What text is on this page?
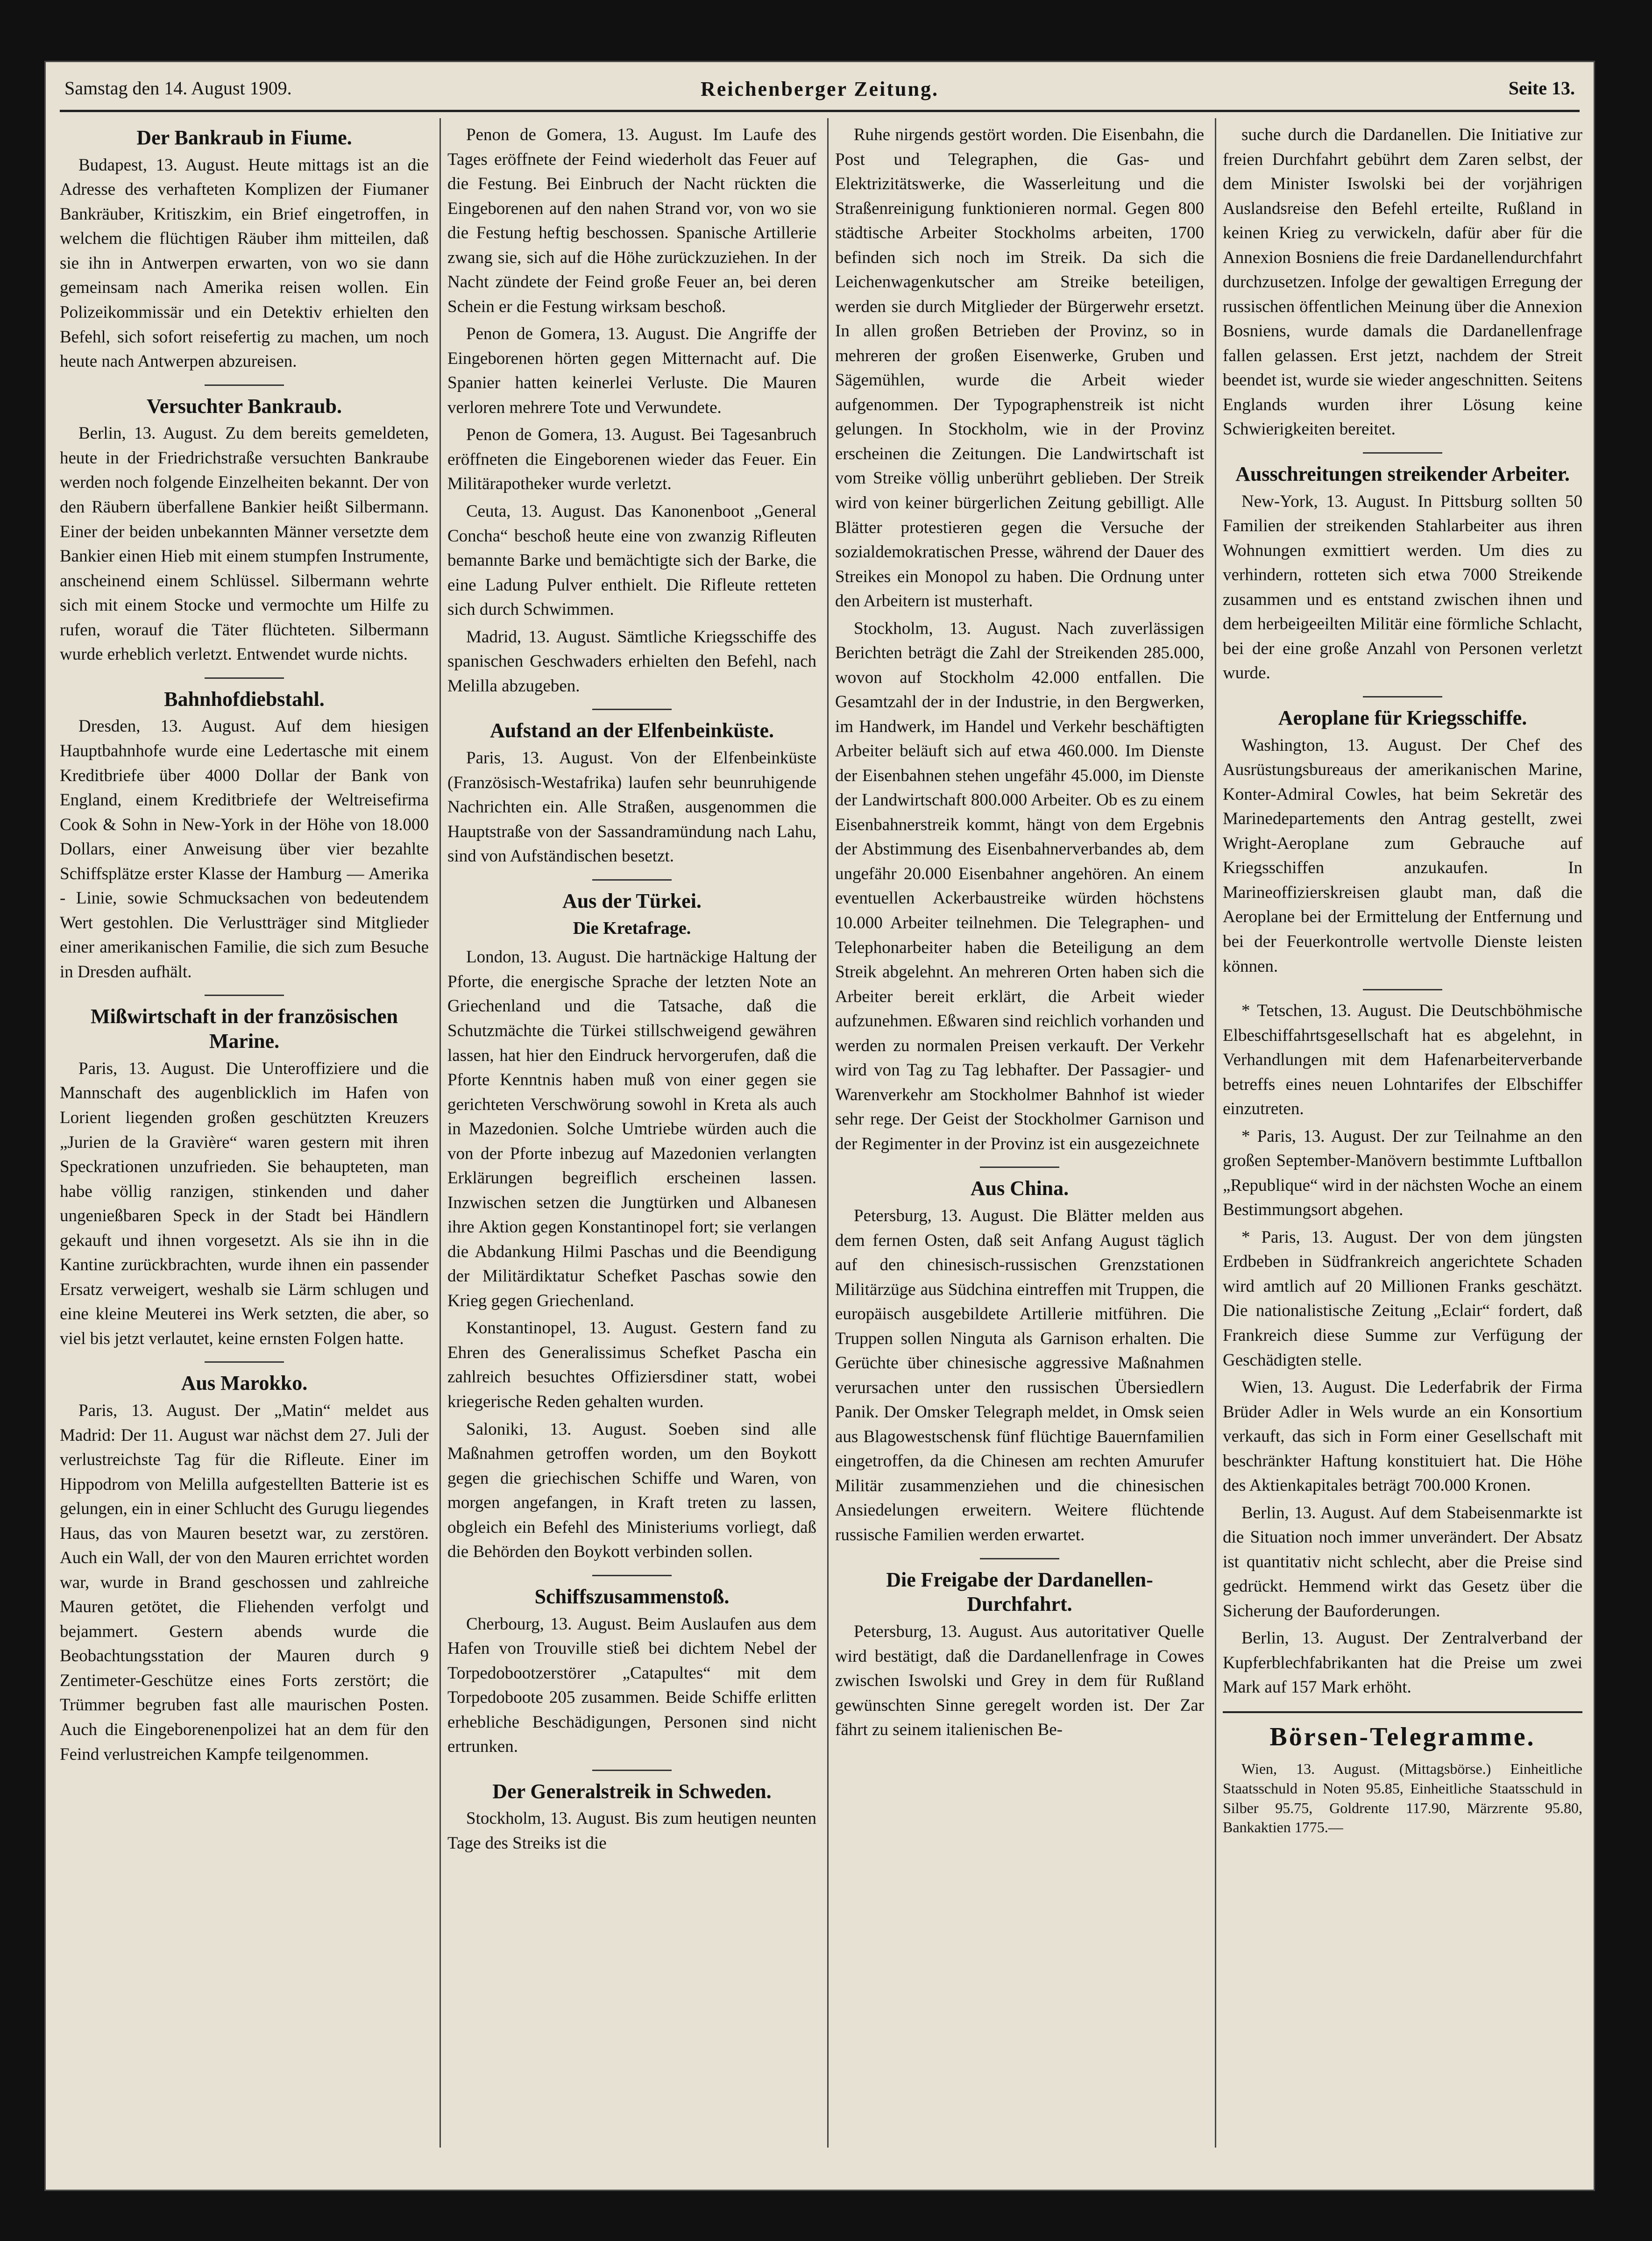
Samstag den 14. August 1909.	Reichenberger Zeitung.	Seite 13.
Der Bankraub in Fiume.

Budapest, 13. August. Heute mittags ist an die Adresse des verhafteten Komplizen der Fiumaner Bankräuber, Kritiszkim, ein Brief eingetroffen, in welchem die flüchtigen Räuber ihm mitteilen, daß sie ihn in Antwerpen erwarten, von wo sie dann gemeinsam nach Amerika reisen wollen. Ein Polizeikommissär und ein Detektiv erhielten den Befehl, sich sofort reisefertig zu machen, um noch heute nach Antwerpen abzureisen.

Versuchter Bankraub.

Berlin, 13. August. Zu dem bereits gemeldeten, heute in der Friedrichstraße versuchten Bankraube werden noch folgende Einzelheiten bekannt. Der von den Räubern überfallene Bankier heißt Silbermann. Einer der beiden unbekannten Männer versetzte dem Bankier einen Hieb mit einem stumpfen Instrumente, anscheinend einem Schlüssel. Silbermann wehrte sich mit einem Stocke und vermochte um Hilfe zu rufen, worauf die Täter flüchteten. Silbermann wurde erheblich verletzt. Entwendet wurde nichts.

Bahnhofdiebstahl.

Dresden, 13. August. Auf dem hiesigen Hauptbahnhofe wurde eine Ledertasche mit einem Kreditbriefe über 4000 Dollar der Bank von England, einem Kreditbriefe der Weltreisefirma Cook & Sohn in New-York in der Höhe von 18.000 Dollars, einer Anweisung über vier bezahlte Schiffsplätze erster Klasse der Hamburg — Amerika - Linie, sowie Schmucksachen von bedeutendem Wert gestohlen. Die Verlustträger sind Mitglieder einer amerikanischen Familie, die sich zum Besuche in Dresden aufhält.

Mißwirtschaft in der französischen Marine.

Paris, 13. August. Die Unteroffiziere und die Mannschaft des augenblicklich im Hafen von Lorient liegenden großen geschützten Kreuzers „Jurien de la Gravière“ waren gestern mit ihren Speckrationen unzufrieden. Sie behaupteten, man habe völlig ranzigen, stinkenden und daher ungenießbaren Speck in der Stadt bei Händlern gekauft und ihnen vorgesetzt. Als sie ihn in die Kantine zurückbrachten, wurde ihnen ein passender Ersatz verweigert, weshalb sie Lärm schlugen und eine kleine Meuterei ins Werk setzten, die aber, so viel bis jetzt verlautet, keine ernsten Folgen hatte.

Aus Marokko.

Paris, 13. August. Der „Matin“ meldet aus Madrid: Der 11. August war nächst dem 27. Juli der verlustreichste Tag für die Rifleute. Einer im Hippodrom von Melilla aufgestellten Batterie ist es gelungen, ein in einer Schlucht des Gurugu liegendes Haus, das von Mauren besetzt war, zu zerstören. Auch ein Wall, der von den Mauren errichtet worden war, wurde in Brand geschossen und zahlreiche Mauren getötet, die Fliehenden verfolgt und bejammert. Gestern abends wurde die Beobachtungsstation der Mauren durch 9 Zentimeter-Geschütze eines Forts zerstört; die Trümmer begruben fast alle maurischen Posten. Auch die Eingeborenenpolizei hat an dem für den Feind verlustreichen Kampfe teilgenommen.

Penon de Gomera, 13. August. Im Laufe des Tages eröffnete der Feind wiederholt das Feuer auf die Festung. Bei Einbruch der Nacht rückten die Eingeborenen auf den nahen Strand vor, von wo sie die Festung heftig beschossen. Spanische Artillerie zwang sie, sich auf die Höhe zurückzuziehen. In der Nacht zündete der Feind große Feuer an, bei deren Schein er die Festung wirksam beschoß.

Penon de Gomera, 13. August. Die Angriffe der Eingeborenen hörten gegen Mitternacht auf. Die Spanier hatten keinerlei Verluste. Die Mauren verloren mehrere Tote und Verwundete.

Penon de Gomera, 13. August. Bei Tagesanbruch eröffneten die Eingeborenen wieder das Feuer. Ein Militärapotheker wurde verletzt.

Ceuta, 13. August. Das Kanonenboot „General Concha“ beschoß heute eine von zwanzig Rifleuten bemannte Barke und bemächtigte sich der Barke, die eine Ladung Pulver enthielt. Die Rifleute retteten sich durch Schwimmen.

Madrid, 13. August. Sämtliche Kriegsschiffe des spanischen Geschwaders erhielten den Befehl, nach Melilla abzugeben.

Aufstand an der Elfenbeinküste.

Paris, 13. August. Von der Elfenbeinküste (Französisch-Westafrika) laufen sehr beunruhigende Nachrichten ein. Alle Straßen, ausgenommen die Hauptstraße von der Sassandramündung nach Lahu, sind von Aufständischen besetzt.

Aus der Türkei.
Die Kretafrage.

London, 13. August. Die hartnäckige Haltung der Pforte, die energische Sprache der letzten Note an Griechenland und die Tatsache, daß die Schutzmächte die Türkei stillschweigend gewähren lassen, hat hier den Eindruck hervorgerufen, daß die Pforte Kenntnis haben muß von einer gegen sie gerichteten Verschwörung sowohl in Kreta als auch in Mazedonien. Solche Umtriebe würden auch die von der Pforte inbezug auf Mazedonien verlangten Erklärungen begreiflich erscheinen lassen. Inzwischen setzen die Jungtürken und Albanesen ihre Aktion gegen Konstantinopel fort; sie verlangen die Abdankung Hilmi Paschas und die Beendigung der Militärdiktatur Schefket Paschas sowie den Krieg gegen Griechenland.

Konstantinopel, 13. August. Gestern fand zu Ehren des Generalissimus Schefket Pascha ein zahlreich besuchtes Offiziersdiner statt, wobei kriegerische Reden gehalten wurden.

Saloniki, 13. August. Soeben sind alle Maßnahmen getroffen worden, um den Boykott gegen die griechischen Schiffe und Waren, von morgen angefangen, in Kraft treten zu lassen, obgleich ein Befehl des Ministeriums vorliegt, daß die Behörden den Boykott verbinden sollen.

Schiffszusammenstoß.

Cherbourg, 13. August. Beim Auslaufen aus dem Hafen von Trouville stieß bei dichtem Nebel der Torpedobootzerstörer „Catapultes“ mit dem Torpedoboote 205 zusammen. Beide Schiffe erlitten erhebliche Beschädigungen, Personen sind nicht ertrunken.

Der Generalstreik in Schweden.

Stockholm, 13. August. Bis zum heutigen neunten Tage des Streiks ist die

Ruhe nirgends gestört worden. Die Eisenbahn, die Post und Telegraphen, die Gas- und Elektrizitätswerke, die Wasserleitung und die Straßenreinigung funktionieren normal. Gegen 800 städtische Arbeiter Stockholms arbeiten, 1700 befinden sich noch im Streik. Da sich die Leichenwagenkutscher am Streike beteiligen, werden sie durch Mitglieder der Bürgerwehr ersetzt. In allen großen Betrieben der Provinz, so in mehreren der großen Eisenwerke, Gruben und Sägemühlen, wurde die Arbeit wieder aufgenommen. Der Typographenstreik ist nicht gelungen. In Stockholm, wie in der Provinz erscheinen die Zeitungen. Die Landwirtschaft ist vom Streike völlig unberührt geblieben. Der Streik wird von keiner bürgerlichen Zeitung gebilligt. Alle Blätter protestieren gegen die Versuche der sozialdemokratischen Presse, während der Dauer des Streikes ein Monopol zu haben. Die Ordnung unter den Arbeitern ist musterhaft.

Stockholm, 13. August. Nach zuverlässigen Berichten beträgt die Zahl der Streikenden 285.000, wovon auf Stockholm 42.000 entfallen. Die Gesamtzahl der in der Industrie, in den Bergwerken, im Handwerk, im Handel und Verkehr beschäftigten Arbeiter beläuft sich auf etwa 460.000. Im Dienste der Eisenbahnen stehen ungefähr 45.000, im Dienste der Landwirtschaft 800.000 Arbeiter. Ob es zu einem Eisenbahnerstreik kommt, hängt von dem Ergebnis der Abstimmung des Eisenbahnerverbandes ab, dem ungefähr 20.000 Eisenbahner angehören. An einem eventuellen Ackerbaustreike würden höchstens 10.000 Arbeiter teilnehmen. Die Telegraphen- und Telephonarbeiter haben die Beteiligung an dem Streik abgelehnt. An mehreren Orten haben sich die Arbeiter bereit erklärt, die Arbeit wieder aufzunehmen. Eßwaren sind reichlich vorhanden und werden zu normalen Preisen verkauft. Der Verkehr wird von Tag zu Tag lebhafter. Der Passagier- und Warenverkehr am Stockholmer Bahnhof ist wieder sehr rege. Der Geist der Stockholmer Garnison und der Regimenter in der Provinz ist ein ausgezeichnete

Aus China.

Petersburg, 13. August. Die Blätter melden aus dem fernen Osten, daß seit Anfang August täglich auf den chinesisch-russischen Grenzstationen Militärzüge aus Südchina eintreffen mit Truppen, die europäisch ausgebildete Artillerie mitführen. Die Truppen sollen Ninguta als Garnison erhalten. Die Gerüchte über chinesische aggressive Maßnahmen verursachen unter den russischen Übersiedlern Panik. Der Omsker Telegraph meldet, in Omsk seien aus Blagowestschensk fünf flüchtige Bauernfamilien eingetroffen, da die Chinesen am rechten Amurufer Militär zusammenziehen und die chinesischen Ansiedelungen erweitern. Weitere flüchtende russische Familien werden erwartet.

Die Freigabe der Dardanellen-Durchfahrt.

Petersburg, 13. August. Aus autoritativer Quelle wird bestätigt, daß die Dardanellenfrage in Cowes zwischen Iswolski und Grey in dem für Rußland gewünschten Sinne geregelt worden ist. Der Zar fährt zu seinem italienischen Be-

suche durch die Dardanellen. Die Initiative zur freien Durchfahrt gebührt dem Zaren selbst, der dem Minister Iswolski bei der vorjährigen Auslandsreise den Befehl erteilte, Rußland in keinen Krieg zu verwickeln, dafür aber für die Annexion Bosniens die freie Dardanellendurchfahrt durchzusetzen. Infolge der gewaltigen Erregung der russischen öffentlichen Meinung über die Annexion Bosniens, wurde damals die Dardanellenfrage fallen gelassen. Erst jetzt, nachdem der Streit beendet ist, wurde sie wieder angeschnitten. Seitens Englands wurden ihrer Lösung keine Schwierigkeiten bereitet.

Ausschreitungen streikender Arbeiter.

New-York, 13. August. In Pittsburg sollten 50 Familien der streikenden Stahlarbeiter aus ihren Wohnungen exmittiert werden. Um dies zu verhindern, rotteten sich etwa 7000 Streikende zusammen und es entstand zwischen ihnen und dem herbeigeeilten Militär eine förmliche Schlacht, bei der eine große Anzahl von Personen verletzt wurde.

Aeroplane für Kriegsschiffe.

Washington, 13. August. Der Chef des Ausrüstungsbureaus der amerikanischen Marine, Konter-Admiral Cowles, hat beim Sekretär des Marinedepartements den Antrag gestellt, zwei Wright-Aeroplane zum Gebrauche auf Kriegsschiffen anzukaufen. In Marineoffizierskreisen glaubt man, daß die Aeroplane bei der Ermittelung der Entfernung und bei der Feuerkontrolle wertvolle Dienste leisten können.

* Tetschen, 13. August. Die Deutschböhmische Elbeschiffahrtsgesellschaft hat es abgelehnt, in Verhandlungen mit dem Hafenarbeiterverbande betreffs eines neuen Lohntarifes der Elbschiffer einzutreten.

* Paris, 13. August. Der zur Teilnahme an den großen September-Manövern bestimmte Luftballon „Republique“ wird in der nächsten Woche an einem Bestimmungsort abgehen.

* Paris, 13. August. Der von dem jüngsten Erdbeben in Südfrankreich angerichtete Schaden wird amtlich auf 20 Millionen Franks geschätzt. Die nationalistische Zeitung „Eclair“ fordert, daß Frankreich diese Summe zur Verfügung der Geschädigten stelle.

Wien, 13. August. Die Lederfabrik der Firma Brüder Adler in Wels wurde an ein Konsortium verkauft, das sich in Form einer Gesellschaft mit beschränkter Haftung konstituiert hat. Die Höhe des Aktienkapitales beträgt 700.000 Kronen.

Berlin, 13. August. Auf dem Stabeisenmarkte ist die Situation noch immer unverändert. Der Absatz ist quantitativ nicht schlecht, aber die Preise sind gedrückt. Hemmend wirkt das Gesetz über die Sicherung der Bauforderungen.

Berlin, 13. August. Der Zentralverband der Kupferblechfabrikanten hat die Preise um zwei Mark auf 157 Mark erhöht.

Börsen-Telegramme.

Wien, 13. August. (Mittagsbörse.) Einheitliche Staatsschuld in Noten 95.85, Einheitliche Staatsschuld in Silber 95.75, Goldrente 117.90, Märzrente 95.80, Bankaktien 1775.—
